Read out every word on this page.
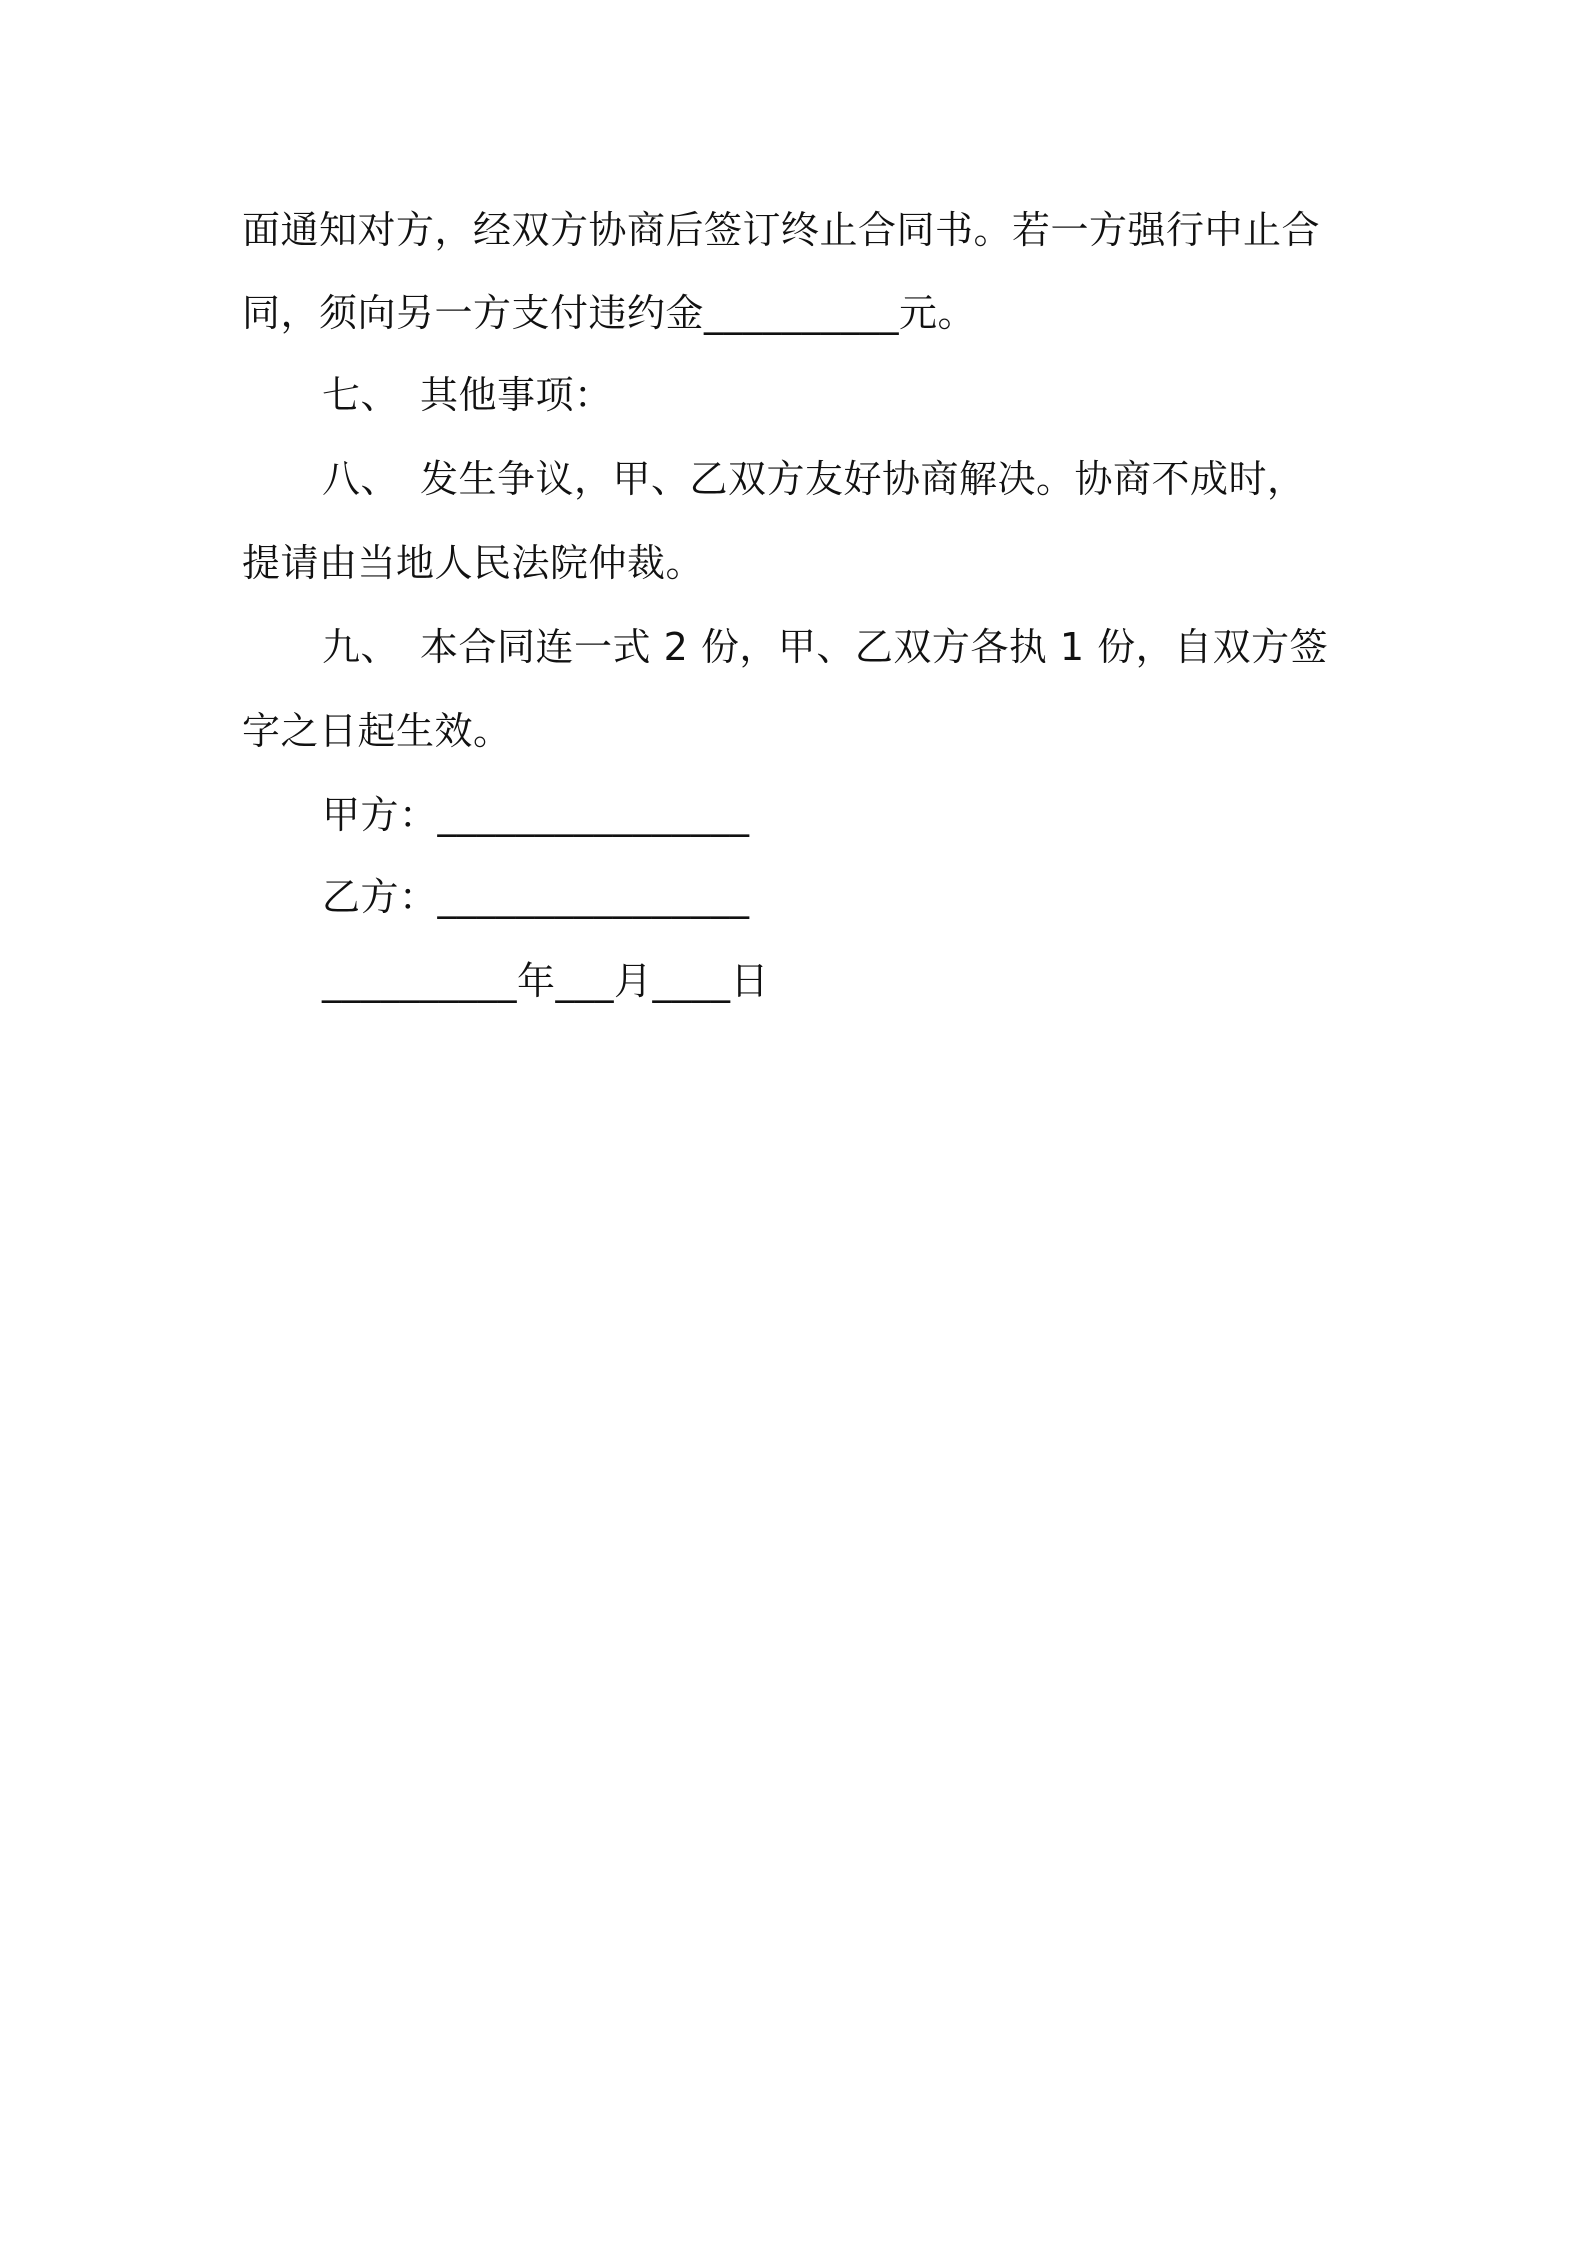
面通知对方，经双方协商后签订终止合同书。若一方强行中止合
同，须向另一方支付违约金__________元。
七、 其他事项：
八、 发生争议，甲、乙双方友好协商解决。协商不成时，
提请由当地人民法院仲裁。
九、 本合同连一式 2 份，甲、乙双方各执 1 份，自双方签
字之日起生效。
甲方：________________
乙方：________________
__________年___月____日
